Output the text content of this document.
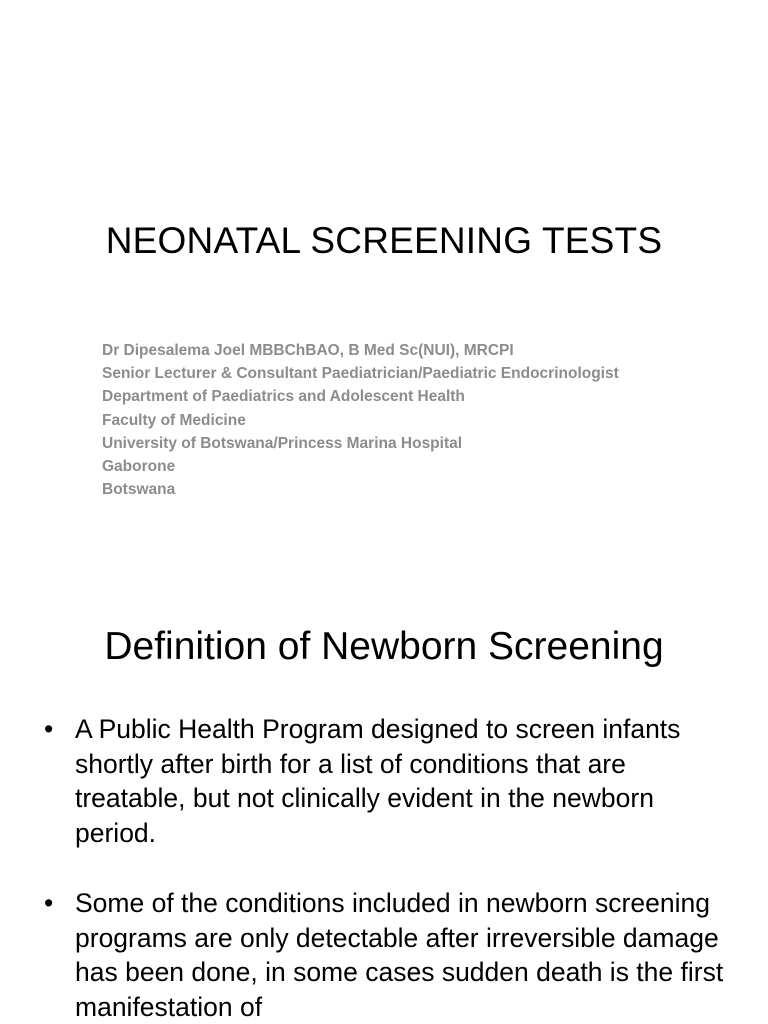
NEONATAL SCREENING TESTS
Dr Dipesalema Joel MBBChBAO, B Med Sc(NUI), MRCPI
Senior Lecturer & Consultant Paediatrician/Paediatric Endocrinologist
Department of Paediatrics and Adolescent Health
Faculty of Medicine
University of Botswana/Princess Marina Hospital
Gaborone
Botswana
Definition of Newborn Screening
• A Public Health Program designed to screen infants shortly after birth for a list of conditions that are treatable, but not clinically evident in the newborn period.
• Some of the conditions included in newborn screening programs are only detectable after irreversible damage has been done, in some cases sudden death is the first manifestation of
